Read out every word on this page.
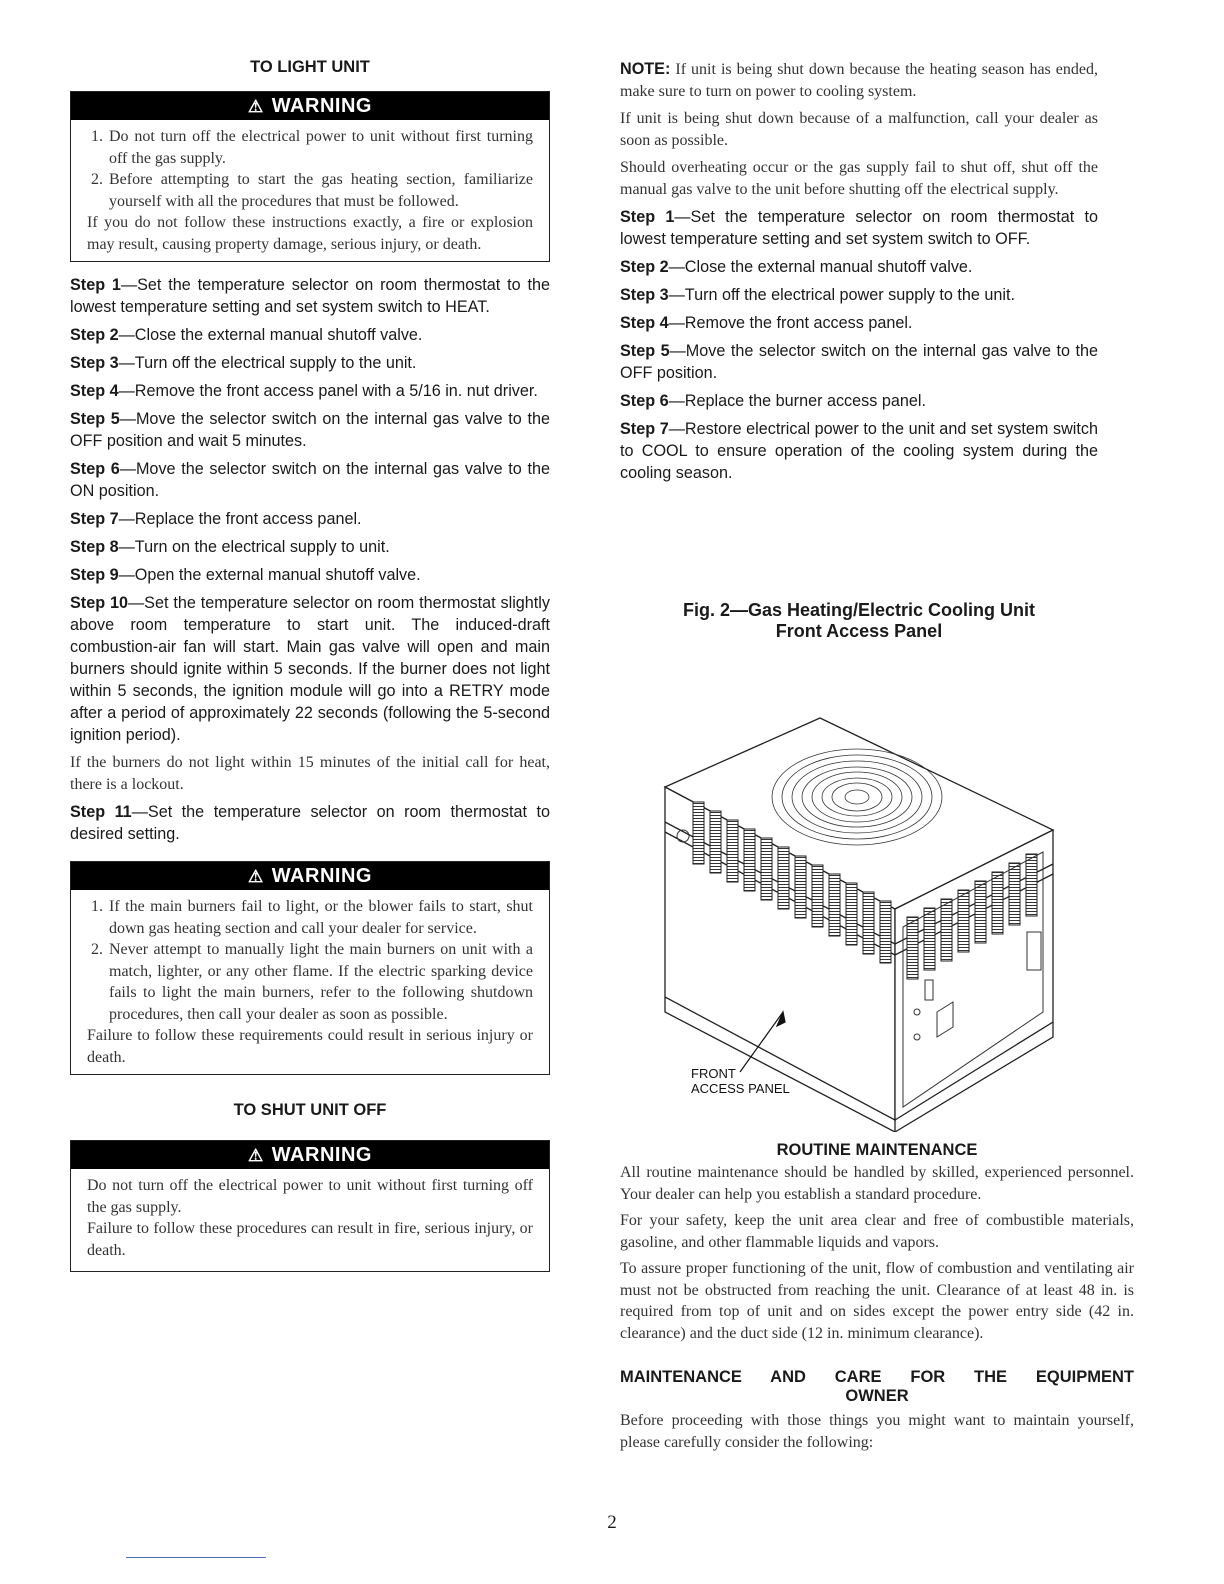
TO LIGHT UNIT
⚠ WARNING
1. Do not turn off the electrical power to unit without first turning off the gas supply.
2. Before attempting to start the gas heating section, familiarize yourself with all the procedures that must be followed.

If you do not follow these instructions exactly, a fire or explosion may result, causing property damage, serious injury, or death.

Step 1—Set the temperature selector on room thermostat to the lowest temperature setting and set system switch to HEAT.

Step 2—Close the external manual shutoff valve.

Step 3—Turn off the electrical supply to the unit.

Step 4—Remove the front access panel with a 5/16 in. nut driver.

Step 5—Move the selector switch on the internal gas valve to the OFF position and wait 5 minutes.

Step 6—Move the selector switch on the internal gas valve to the ON position.

Step 7—Replace the front access panel.

Step 8—Turn on the electrical supply to unit.

Step 9—Open the external manual shutoff valve.

Step 10—Set the temperature selector on room thermostat slightly above room temperature to start unit. The induced-draft combustion-air fan will start. Main gas valve will open and main burners should ignite within 5 seconds. If the burner does not light within 5 seconds, the ignition module will go into a RETRY mode after a period of approximately 22 seconds (following the 5-second ignition period).

If the burners do not light within 15 minutes of the initial call for heat, there is a lockout.

Step 11—Set the temperature selector on room thermostat to desired setting.

⚠ WARNING
1. If the main burners fail to light, or the blower fails to start, shut down gas heating section and call your dealer for service.
2. Never attempt to manually light the main burners on unit with a match, lighter, or any other flame. If the electric sparking device fails to light the main burners, refer to the following shutdown procedures, then call your dealer as soon as possible.

Failure to follow these requirements could result in serious injury or death.

TO SHUT UNIT OFF
⚠ WARNING

Do not turn off the electrical power to unit without first turning off the gas supply.

Failure to follow these procedures can result in fire, serious injury, or death.

NOTE: If unit is being shut down because the heating season has ended, make sure to turn on power to cooling system.

If unit is being shut down because of a malfunction, call your dealer as soon as possible.

Should overheating occur or the gas supply fail to shut off, shut off the manual gas valve to the unit before shutting off the electrical supply.

Step 1—Set the temperature selector on room thermostat to lowest temperature setting and set system switch to OFF.

Step 2—Close the external manual shutoff valve.

Step 3—Turn off the electrical power supply to the unit.

Step 4—Remove the front access panel.

Step 5—Move the selector switch on the internal gas valve to the OFF position.

Step 6—Replace the burner access panel.

Step 7—Restore electrical power to the unit and set system switch to COOL to ensure operation of the cooling system during the cooling season.

Fig. 2—Gas Heating/Electric Cooling Unit
Front Access Panel
FRONT
ACCESS PANEL
ROUTINE MAINTENANCE

All routine maintenance should be handled by skilled, experienced personnel. Your dealer can help you establish a standard procedure.

For your safety, keep the unit area clear and free of combustible materials, gasoline, and other flammable liquids and vapors.

To assure proper functioning of the unit, flow of combustion and ventilating air must not be obstructed from reaching the unit. Clearance of at least 48 in. is required from top of unit and on sides except the power entry side (42 in. clearance) and the duct side (12 in. minimum clearance).

MAINTENANCE AND CARE FOR THE EQUIPMENT
OWNER

Before proceeding with those things you might want to maintain yourself, please carefully consider the following:

2
